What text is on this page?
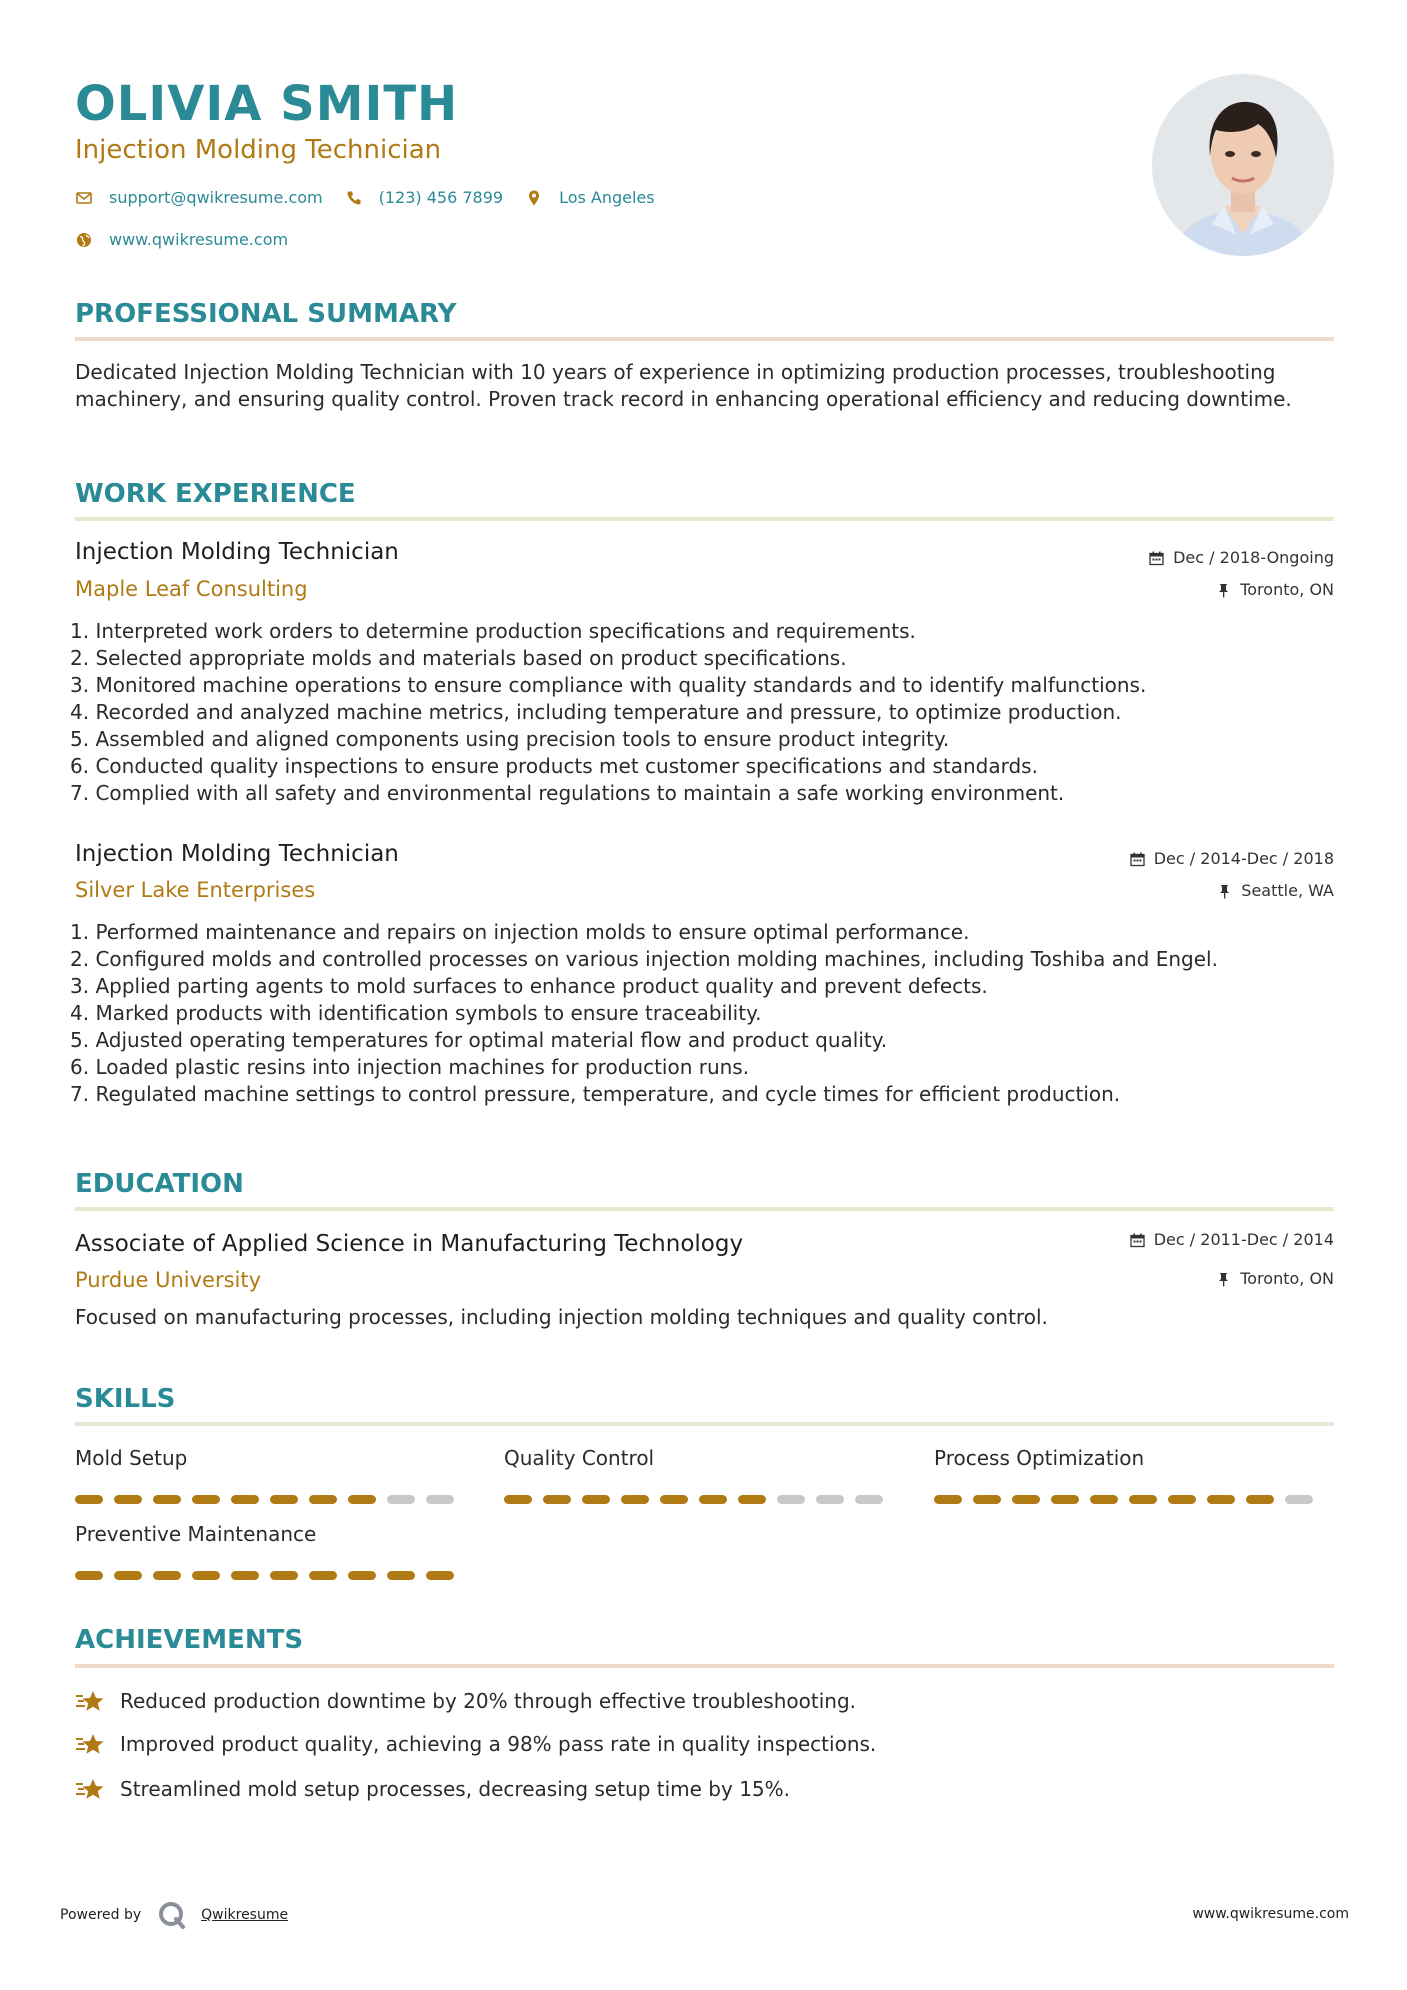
OLIVIA SMITH
Injection Molding Technician
support@qwikresume.com	(123) 456 7899	Los Angeles
www.qwikresume.com
PROFESSIONAL SUMMARY
Dedicated Injection Molding Technician with 10 years of experience in optimizing production processes, troubleshooting machinery, and ensuring quality control. Proven track record in enhancing operational efficiency and reducing downtime.
WORK EXPERIENCE
Injection Molding Technician
Maple Leaf Consulting
Dec / 2018-Ongoing
Toronto, ON
1. Interpreted work orders to determine production specifications and requirements.
2. Selected appropriate molds and materials based on product specifications.
3. Monitored machine operations to ensure compliance with quality standards and to identify malfunctions.
4. Recorded and analyzed machine metrics, including temperature and pressure, to optimize production.
5. Assembled and aligned components using precision tools to ensure product integrity.
6. Conducted quality inspections to ensure products met customer specifications and standards.
7. Complied with all safety and environmental regulations to maintain a safe working environment.
Injection Molding Technician
Silver Lake Enterprises
Dec / 2014-Dec / 2018
Seattle, WA
1. Performed maintenance and repairs on injection molds to ensure optimal performance.
2. Configured molds and controlled processes on various injection molding machines, including Toshiba and Engel.
3. Applied parting agents to mold surfaces to enhance product quality and prevent defects.
4. Marked products with identification symbols to ensure traceability.
5. Adjusted operating temperatures for optimal material flow and product quality.
6. Loaded plastic resins into injection machines for production runs.
7. Regulated machine settings to control pressure, temperature, and cycle times for efficient production.
EDUCATION
Associate of Applied Science in Manufacturing Technology
Purdue University
Dec / 2011-Dec / 2014
Toronto, ON
Focused on manufacturing processes, including injection molding techniques and quality control.
SKILLS
Mold Setup	Quality Control	Process Optimization
Preventive Maintenance
ACHIEVEMENTS
Reduced production downtime by 20% through effective troubleshooting.
Improved product quality, achieving a 98% pass rate in quality inspections.
Streamlined mold setup processes, decreasing setup time by 15%.
Powered by	Qwikresume	www.qwikresume.com
